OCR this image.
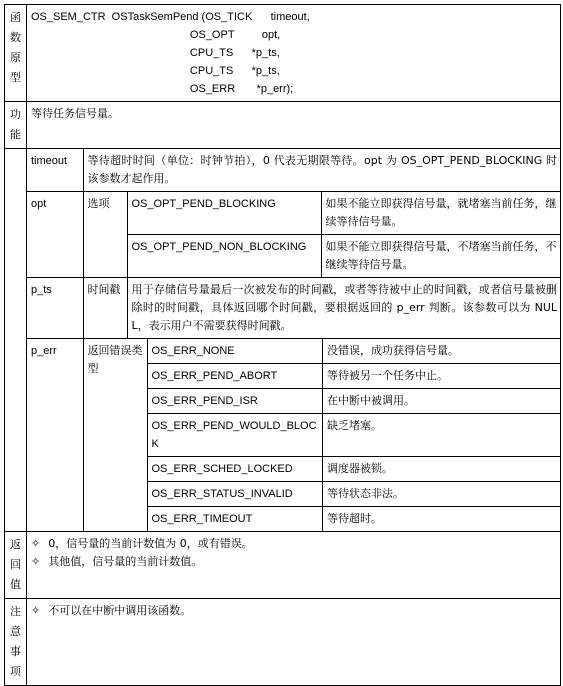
函数原型	
OS_SEM_CTR  OSTaskSemPend (OS_TICK      timeout,
OS_OPT         opt,
CPU_TS      *p_ts,
CPU_TS      *p_ts,
OS_ERR       *p_err);

功能	等待任务信号量。

timeout	等待超时时间（单位：时钟节拍），0 代表无期限等待。opt 为 OS_OPT_PEND_BLOCKING 时该参数才起作用。
opt	选项	OS_OPT_PEND_BLOCKING	如果不能立即获得信号量，就堵塞当前任务，继续等待信号量。
OS_OPT_PEND_NON_BLOCKING	如果不能立即获得信号量，不堵塞当前任务，不继续等待信号量。
p_ts	时间戳	用于存储信号量最后一次被发布的时间戳，或者等待被中止的时间戳，或者信号量被删除时的时间戳，具体返回哪个时间戳，要根据返回的 p_err 判断。该参数可以为 NULL，表示用户不需要获得时间戳。
p_err	返回错误类型	
OS_ERR_NONE	没错误，成功获得信号量。
OS_ERR_PEND_ABORT	等待被另一个任务中止。
OS_ERR_PEND_ISR	在中断中被调用。
OS_ERR_PEND_WOULD_BLOCK	缺乏堵塞。
OS_ERR_SCHED_LOCKED	调度器被锁。
OS_ERR_STATUS_INVALID	等待状态非法。
OS_ERR_TIMEOUT	等待超时。

返回值	
✧ 0，信号量的当前计数值为 0，或有错误。
✧ 其他值，信号量的当前计数值。

注意事项	
✧ 不可以在中断中调用该函数。
